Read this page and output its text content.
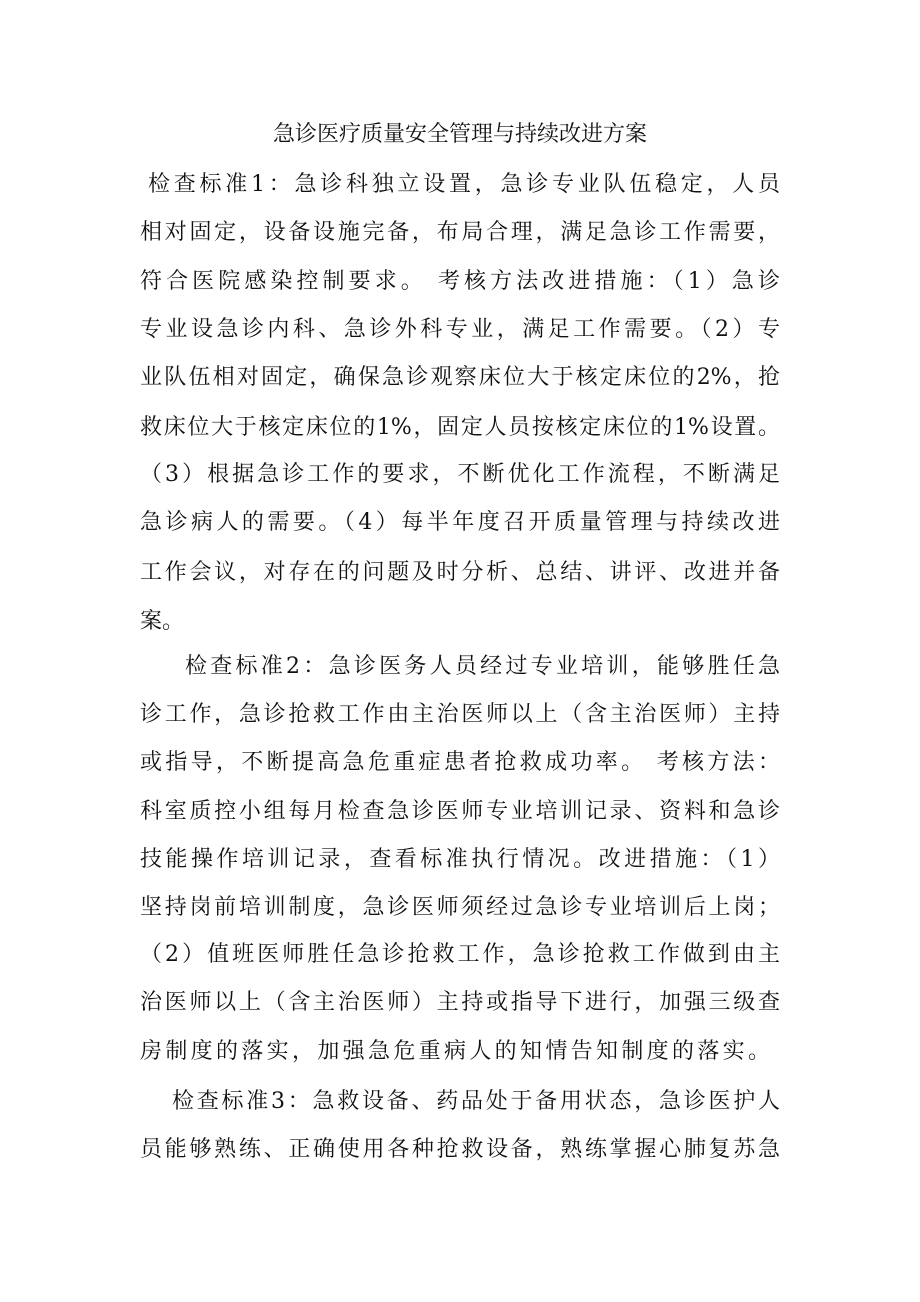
急诊医疗质量安全管理与持续改进方案
检查标准1：急诊科独立设置，急诊专业队伍稳定，人员
相对固定，设备设施完备，布局合理，满足急诊工作需要，
符合医院感染控制要求。 考核方法改进措施：（1）急诊
专业设急诊内科、急诊外科专业，满足工作需要。（2）专
业队伍相对固定，确保急诊观察床位大于核定床位的2%，抢
救床位大于核定床位的1%，固定人员按核定床位的1%设置。
（3）根据急诊工作的要求，不断优化工作流程，不断满足
急诊病人的需要。（4）每半年度召开质量管理与持续改进
工作会议，对存在的问题及时分析、总结、讲评、改进并备
案。
检查标准2：急诊医务人员经过专业培训，能够胜任急
诊工作，急诊抢救工作由主治医师以上（含主治医师）主持
或指导，不断提高急危重症患者抢救成功率。 考核方法：
科室质控小组每月检查急诊医师专业培训记录、资料和急诊
技能操作培训记录，查看标准执行情况。改进措施：（1）
坚持岗前培训制度，急诊医师须经过急诊专业培训后上岗；
（2）值班医师胜任急诊抢救工作，急诊抢救工作做到由主
治医师以上（含主治医师）主持或指导下进行，加强三级查
房制度的落实，加强急危重病人的知情告知制度的落实。
检查标准3：急救设备、药品处于备用状态，急诊医护人
员能够熟练、正确使用各种抢救设备，熟练掌握心肺复苏急
